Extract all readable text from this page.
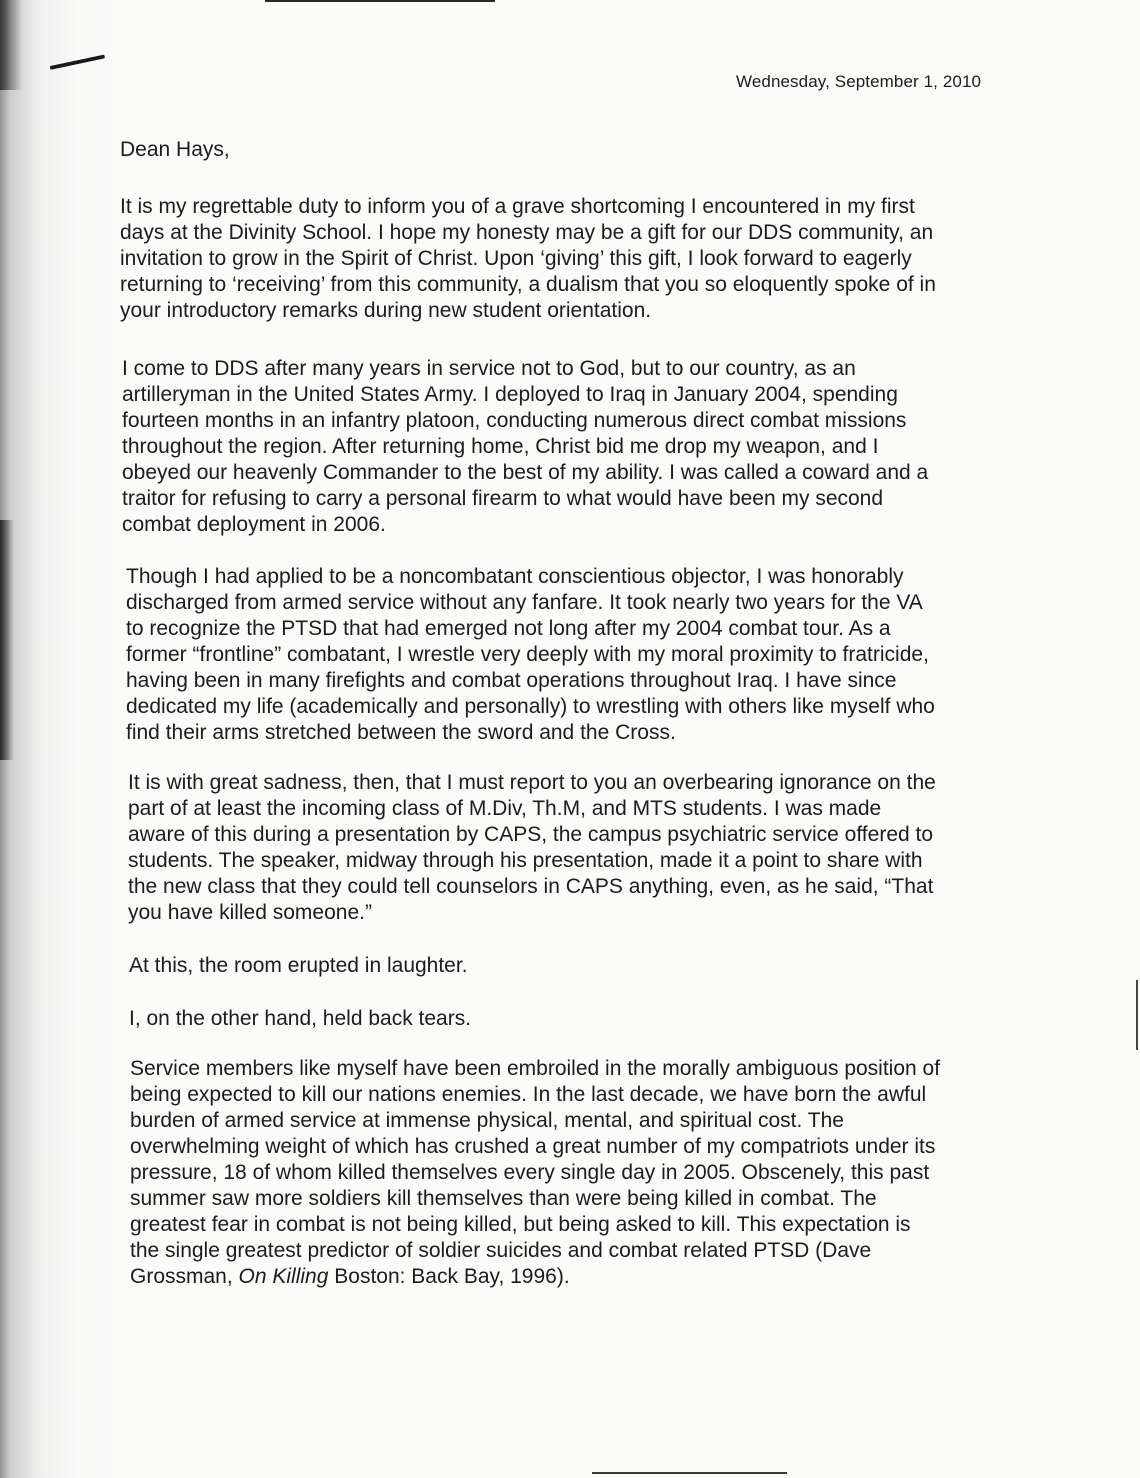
Wednesday, September 1, 2010
Dean Hays,
It is my regrettable duty to inform you of a grave shortcoming I encountered in my first
days at the Divinity School. I hope my honesty may be a gift for our DDS community, an
invitation to grow in the Spirit of Christ. Upon ‘giving’ this gift, I look forward to eagerly
returning to ‘receiving’ from this community, a dualism that you so eloquently spoke of in
your introductory remarks during new student orientation.
I come to DDS after many years in service not to God, but to our country, as an
artilleryman in the United States Army. I deployed to Iraq in January 2004, spending
fourteen months in an infantry platoon, conducting numerous direct combat missions
throughout the region. After returning home, Christ bid me drop my weapon, and I
obeyed our heavenly Commander to the best of my ability. I was called a coward and a
traitor for refusing to carry a personal firearm to what would have been my second
combat deployment in 2006.
Though I had applied to be a noncombatant conscientious objector, I was honorably
discharged from armed service without any fanfare. It took nearly two years for the VA
to recognize the PTSD that had emerged not long after my 2004 combat tour. As a
former “frontline” combatant, I wrestle very deeply with my moral proximity to fratricide,
having been in many firefights and combat operations throughout Iraq. I have since
dedicated my life (academically and personally) to wrestling with others like myself who
find their arms stretched between the sword and the Cross.
It is with great sadness, then, that I must report to you an overbearing ignorance on the
part of at least the incoming class of M.Div, Th.M, and MTS students. I was made
aware of this during a presentation by CAPS, the campus psychiatric service offered to
students. The speaker, midway through his presentation, made it a point to share with
the new class that they could tell counselors in CAPS anything, even, as he said, “That
you have killed someone.”
At this, the room erupted in laughter.
I, on the other hand, held back tears.
Service members like myself have been embroiled in the morally ambiguous position of
being expected to kill our nations enemies. In the last decade, we have born the awful
burden of armed service at immense physical, mental, and spiritual cost. The
overwhelming weight of which has crushed a great number of my compatriots under its
pressure, 18 of whom killed themselves every single day in 2005. Obscenely, this past
summer saw more soldiers kill themselves than were being killed in combat. The
greatest fear in combat is not being killed, but being asked to kill. This expectation is
the single greatest predictor of soldier suicides and combat related PTSD (Dave
Grossman, On Killing Boston: Back Bay, 1996).
